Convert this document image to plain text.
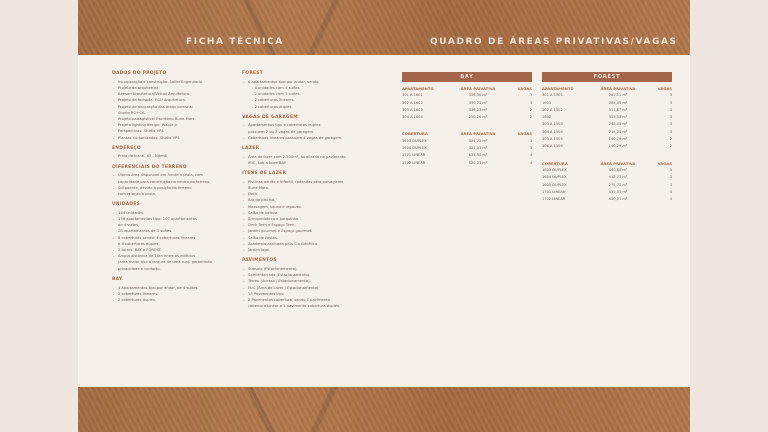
FICHA TÉCNICA	QUADRO DE ÁREAS PRIVATIVAS/VAGAS
DADOS DO PROJETO
- Incorporação e construção: Soller Engenharia.
- Projeto de arquitetura:
Beeson Arquitetura/Virtual Arquitetura.
- Projeto da fachada: FGU Arquitetura.
- Projeto de decoração das áreas comuns:
Studio RO+CA.
- Projeto paisagístico: Escritório Burle Marx.
- Projeto lighting design: Waldir Jr.
- Perspectivas: Studio VRI.
- Plantas humanizadas: Studio VRI.
ENDEREÇO
- Praia de Icaraí, 63 - Niterói
DIFERENCIAIS DO TERRENO
- Última área disponível em frente à praia, com
capacidade para construção no centro do terreno.
- Sol poente, devido à posição do terreno
com relação à praia.
UNIDADES
- 144 unidades.
- 136 apartamentos tipo: 107 apartamentos
de 4 suítes,
28 apartamentos de 3 suítes.
- 8 coberturas sendo: 4 coberturas lineares
e 4 coberturas duplex.
- 2 torres: BAY e FOREST.
- Ampla distância de 14m entre os edifícios
(área maior que a largura de uma rua), garantindo
privacidade e conforto.
BAY
- 4 apartamentos tipo por andar, de 4 suítes.
- 2 coberturas lineares.
- 2 coberturas duplex.
FOREST
- 6 apartamentos tipo por andar, sendo:
- 4 unidades com 4 suítes
- 2 unidades com 3 suítes.
- 2 coberturas lineares.
- 2 coberturas duplex.
VAGAS DE GARAGEM
- Apartamentos tipo e coberturas duplex
possuem 2 ou 3 vagas de garagem.
- Coberturas lineares possuem 4 vagas de garagem.
LAZER
- Área de lazer com 2.300m², localizada no pavimento
PUC, sob a torre BAY.
ITENS DE LAZER
- Piscinas adulto e infantil, rodeadas pelo paisagismo
Burle Marx.
- Deck.
- Bar da piscina.
- Massagem, sauna e repouso.
- Salão de beleza.
- Brinquedoteca e parquinho.
- Deck Teen e Espaço Teen.
- Jardim gourmet e Espaço gourmet.
- Salão de Festas.
- Academia assinada pela Cia Athlética.
- Jardim lago.
PAVIMENTOS
- Subsolo (Estacionamento).
- Semienterrado (Estacionamento).
- Térreo (Acesso / Estacionamento).
- PUC (Área de Lazer / Estacionamento).
- 13 Pavimentos tipo.
- 2 Pavimentos cobertura, sendo 1 pavimento
cobertura Linear e 1 pavimento cobertura duplex.
BAY
APARTAMENTO	ÁREA PRIVATIVA	VAGAS
301 A 1601	356,30 m²	3
302 A 1602	350,73 m²	3
303 A 1603	336,23 m²	2
304 A 1604	250,26 m²	2
COBERTURA	ÁREA PRIVATIVA	VAGAS
1603 DUPLEX	304,22 m²	3
1604 DUPLEX	321,03 m²	3
1701 LINEAR	631,50 m²	4
1702 LINEAR	520,03 m²	4
FOREST
APARTAMENTO	ÁREA PRIVATIVA	VAGAS
301 A 1501	281,11 m²	3
1601	284,45 m²	3
302 A 1502	311,87 m²	3
1602	313,53 m²	3
303 A 1503	248,45 m²	3
304 A 1504	214,04 m²	3
305 A 1505	140,29 m²	2
306 A 1506	140,29 m²	2
COBERTURA	ÁREA PRIVATIVA	VAGAS
1603 DUPLEX	440,80 m²	3
1604 DUPLEX	412,77 m²	3
1605 DUPLEX	275,75 m²	3
1701 LINEAR	435,31 m²	4
1702 LINEAR	410,31 m²	4
